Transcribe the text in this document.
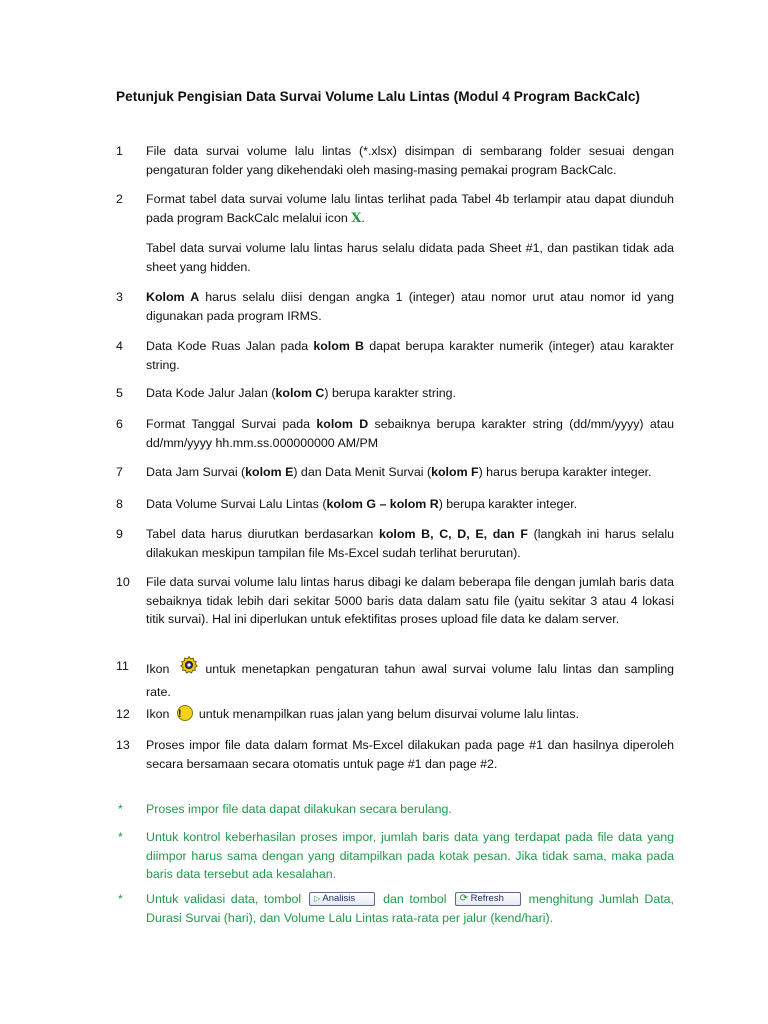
Petunjuk Pengisian Data Survai Volume Lalu Lintas (Modul 4 Program BackCalc)
1	File data survai volume lalu lintas (*.xlsx) disimpan di sembarang folder sesuai dengan pengaturan folder yang dikehendaki oleh masing-masing pemakai program BackCalc.
2	Format tabel data survai volume lalu lintas terlihat pada Tabel 4b terlampir atau dapat diunduh pada program BackCalc melalui icon X.
Tabel data survai volume lalu lintas harus selalu didata pada Sheet #1, dan pastikan tidak ada sheet yang hidden.
3	Kolom A harus selalu diisi dengan angka 1 (integer) atau nomor urut atau nomor id yang digunakan pada program IRMS.
4	Data Kode Ruas Jalan pada kolom B dapat berupa karakter numerik (integer) atau karakter string.
5	Data Kode Jalur Jalan (kolom C) berupa karakter string.
6	Format Tanggal Survai pada kolom D sebaiknya berupa karakter string (dd/mm/yyyy) atau dd/mm/yyyy hh.mm.ss.000000000 AM/PM
7	Data Jam Survai (kolom E) dan Data Menit Survai (kolom F) harus berupa karakter integer.
8	Data Volume Survai Lalu Lintas (kolom G – kolom R) berupa karakter integer.
9	Tabel data harus diurutkan berdasarkan kolom B, C, D, E, dan F (langkah ini harus selalu dilakukan meskipun tampilan file Ms-Excel sudah terlihat berurutan).
10	File data survai volume lalu lintas harus dibagi ke dalam beberapa file dengan jumlah baris data sebaiknya tidak lebih dari sekitar 5000 baris data dalam satu file (yaitu sekitar 3 atau 4 lokasi titik survai). Hal ini diperlukan untuk efektifitas proses upload file data ke dalam server.
11	Ikon	untuk menetapkan pengaturan tahun awal survai volume lalu lintas dan sampling rate.
12	Ikon ! untuk menampilkan ruas jalan yang belum disurvai volume lalu lintas.
13	Proses impor file data dalam format Ms-Excel dilakukan pada page #1 dan hasilnya diperoleh secara bersamaan secara otomatis untuk page #1 dan page #2.
*	Proses impor file data dapat dilakukan secara berulang.
*	Untuk kontrol keberhasilan proses impor, jumlah baris data yang terdapat pada file data yang diimpor harus sama dengan yang ditampilkan pada kotak pesan. Jika tidak sama, maka pada baris data tersebut ada kesalahan.
*	Untuk validasi data, tombol ▷ Analisis dan tombol ⟳ Refresh menghitung Jumlah Data, Durasi Survai (hari), dan Volume Lalu Lintas rata-rata per jalur (kend/hari).
